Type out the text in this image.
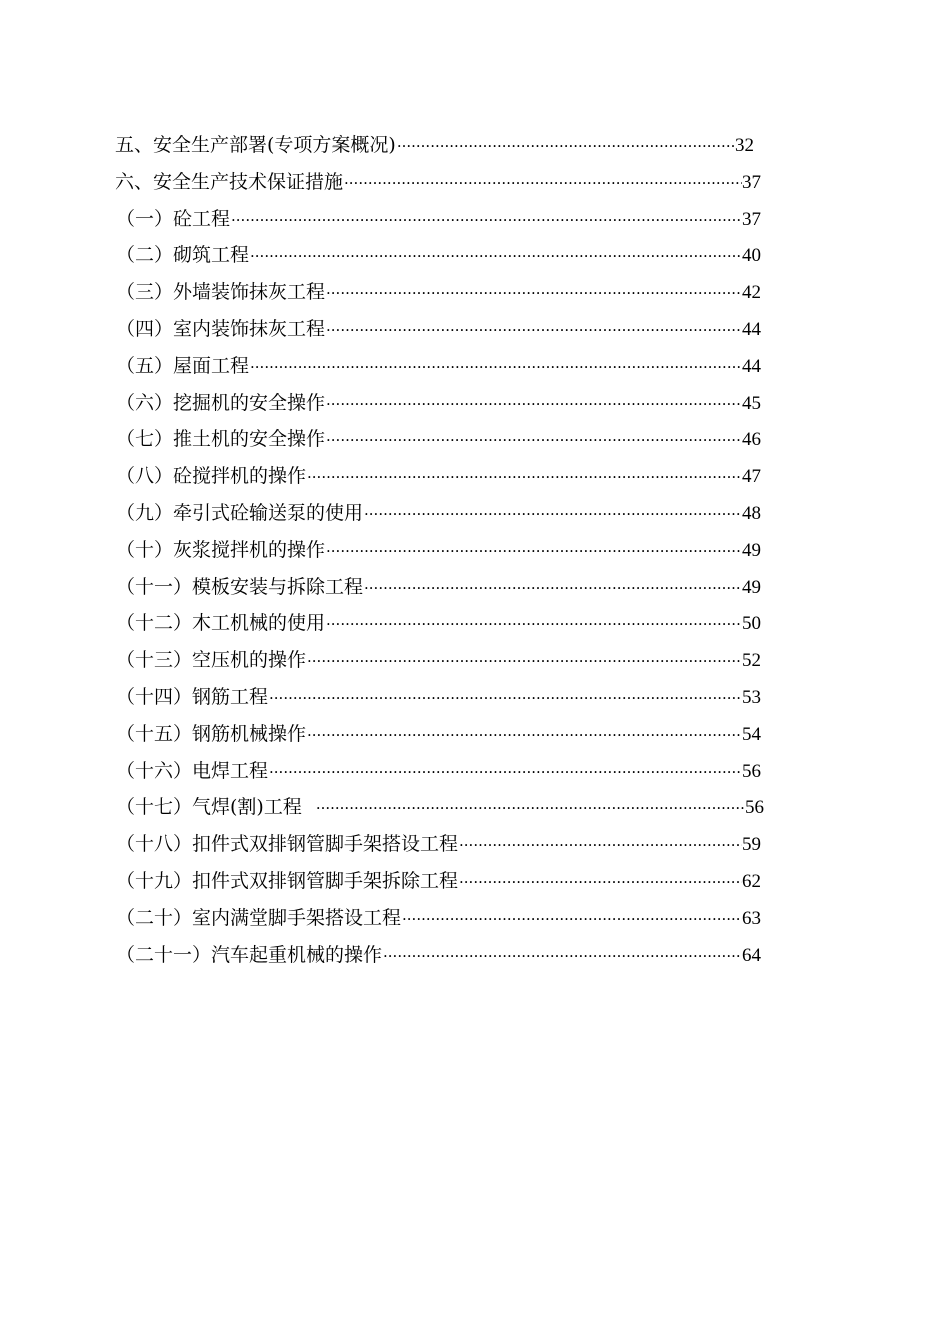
五、安全生产部署(专项方案概况) ·····	32
六、安全生产技术保证措施 ·····	37
（一）砼工程 ·····	37
（二）砌筑工程 ·····	40
（三）外墙装饰抹灰工程 ·····	42
（四）室内装饰抹灰工程 ·····	44
（五）屋面工程 ·····	44
（六）挖掘机的安全操作 ·····	45
（七）推土机的安全操作 ·····	46
（八）砼搅拌机的操作 ·····	47
（九）牵引式砼输送泵的使用 ·····	48
（十）灰浆搅拌机的操作 ·····	49
（十一）模板安装与拆除工程 ·····	49
（十二）木工机械的使用 ·····	50
（十三）空压机的操作 ·····	52
（十四）钢筋工程 ·····	53
（十五）钢筋机械操作 ·····	54
（十六）电焊工程 ·····	56
（十七）气焊(割)工程 ·····	56
（十八）扣件式双排钢管脚手架搭设工程 ·····	59
（十九）扣件式双排钢管脚手架拆除工程 ·····	62
（二十）室内满堂脚手架搭设工程 ·····	63
（二十一）汽车起重机械的操作 ·····	64
